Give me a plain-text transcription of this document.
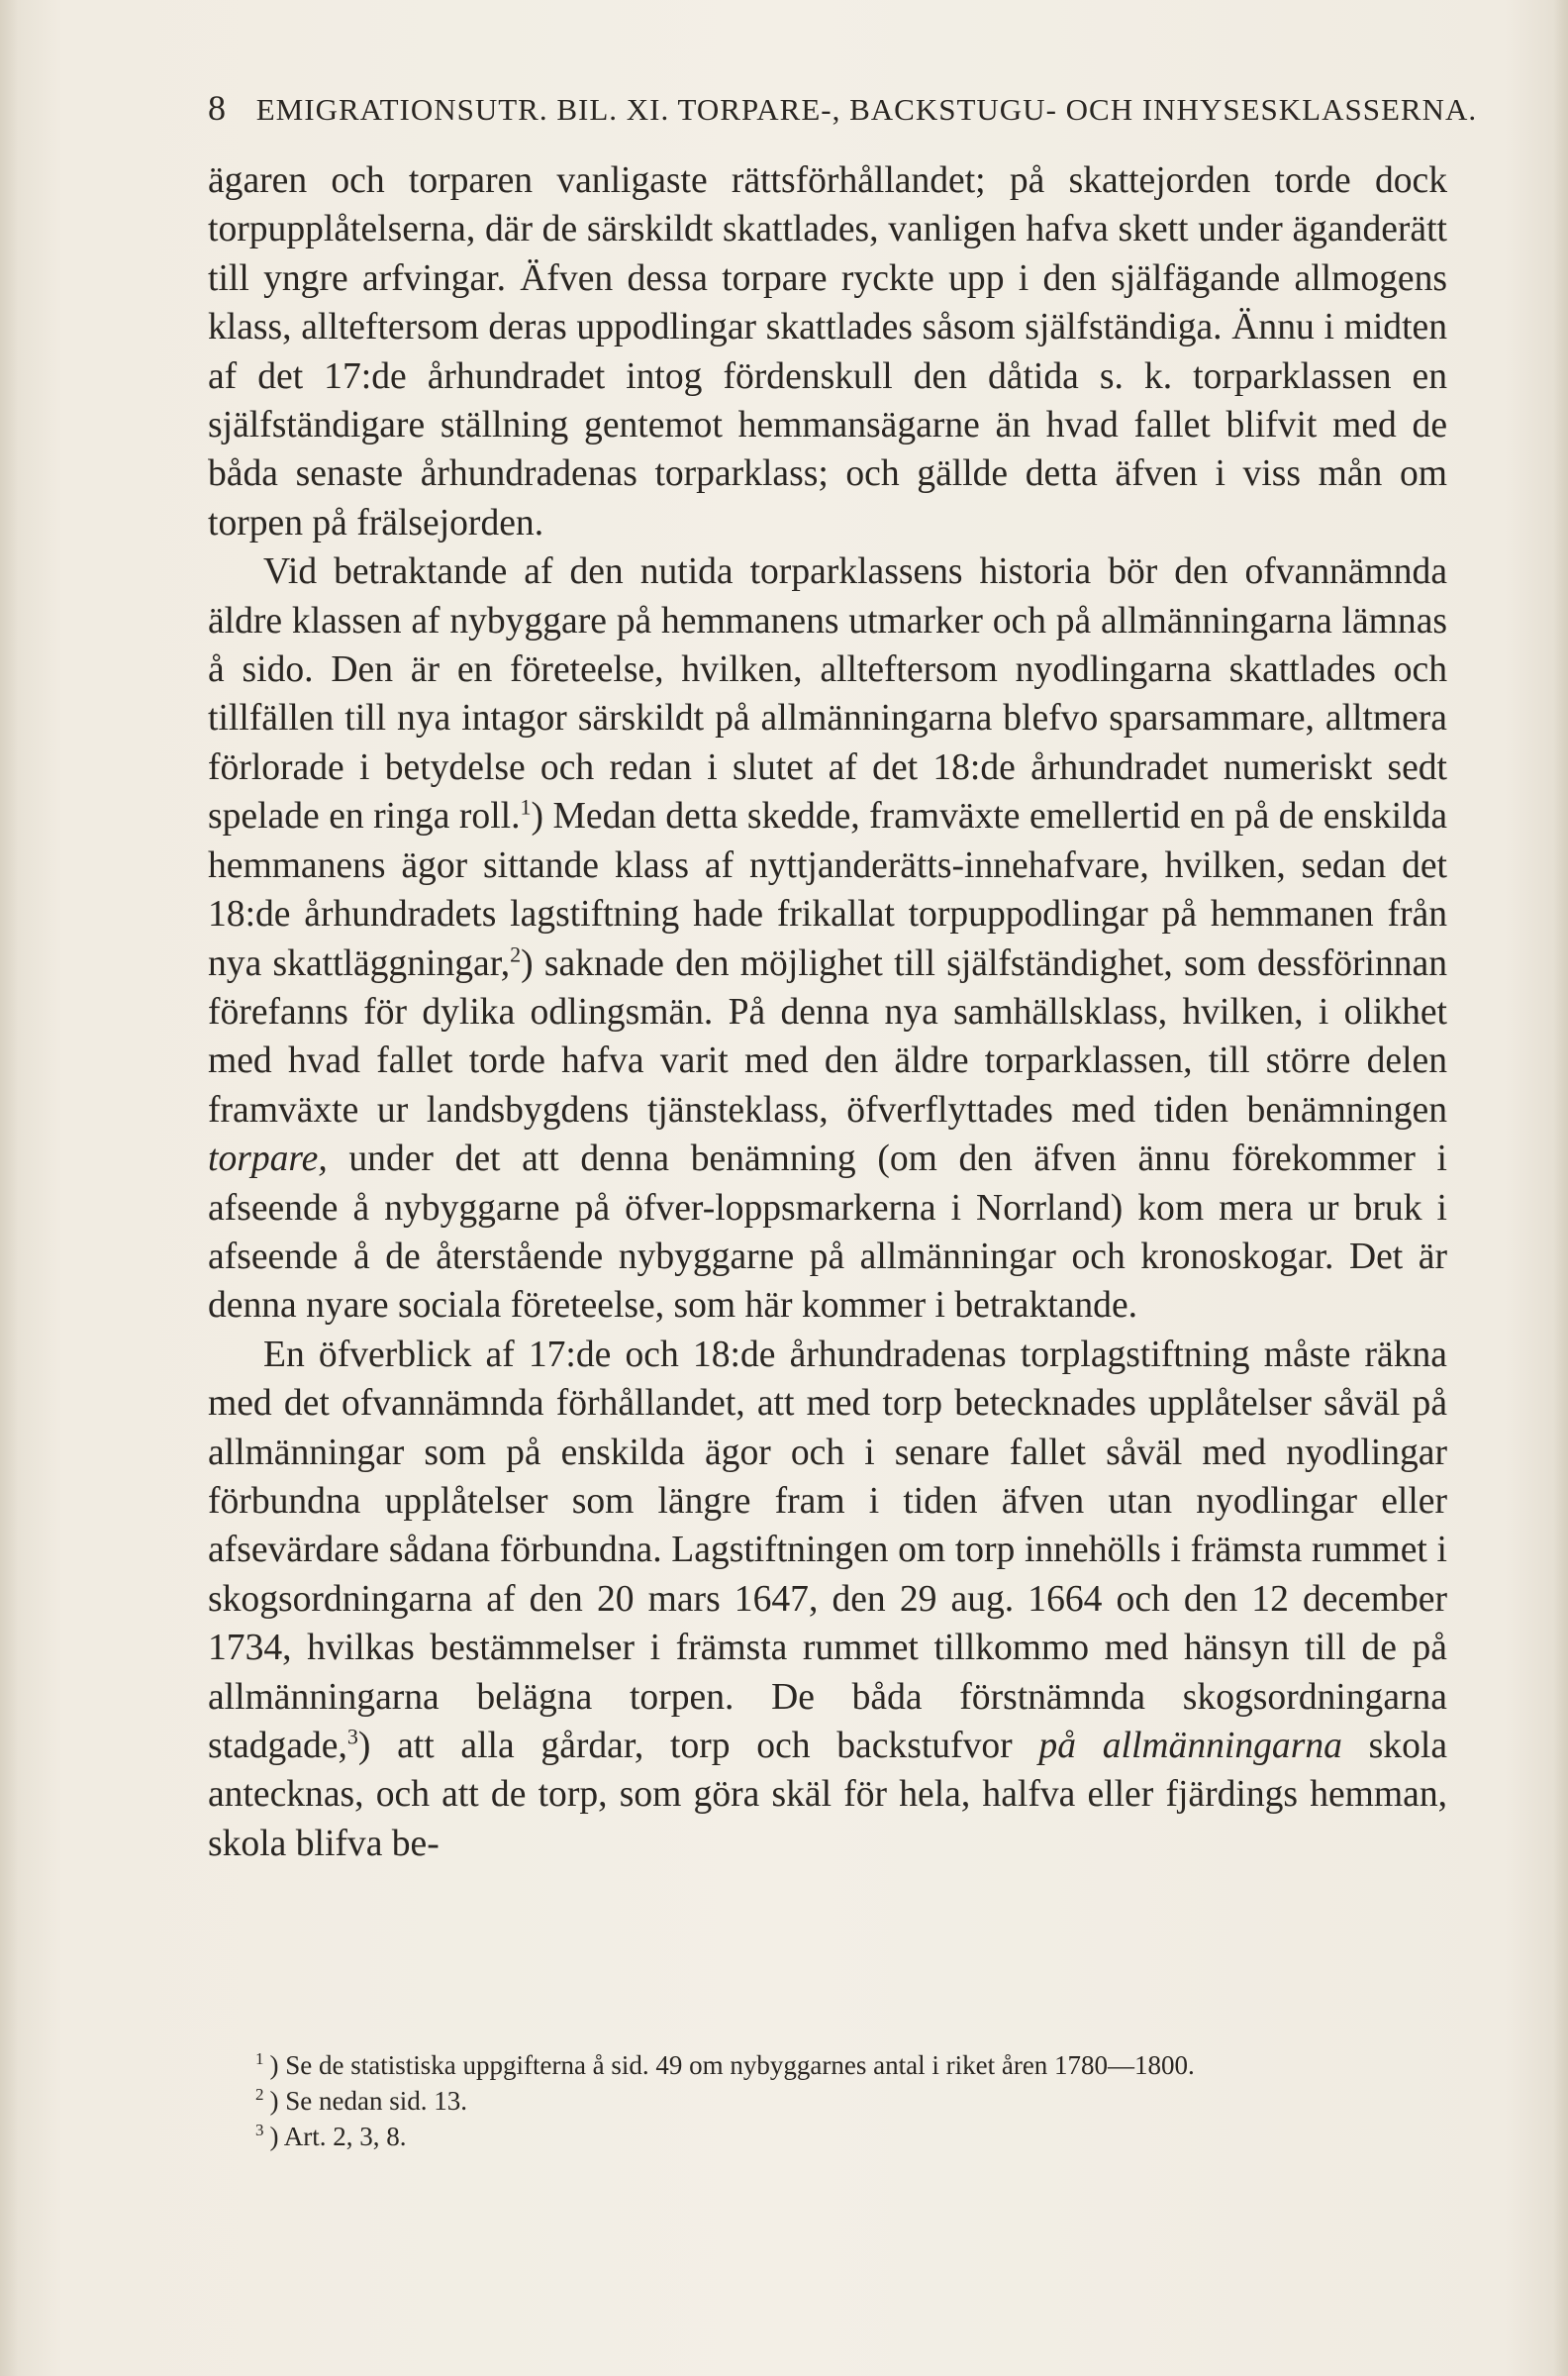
8 EMIGRATIONSUTR. BIL. XI. TORPARE-, BACKSTUGU- OCH INHYSESKLASSERNA.

ägaren och torparen vanligaste rättsförhållandet; på skattejorden torde dock torpupplåtelserna, där de särskildt skattlades, vanligen hafva skett under äganderätt till yngre arfvingar. Äfven dessa torpare ryckte upp i den själfägande allmogens klass, allteftersom deras uppodlingar skattlades såsom själfständiga. Ännu i midten af det 17:de århundradet intog fördenskull den dåtida s. k. torparklassen en själfständigare ställning gentemot hemmansägarne än hvad fallet blifvit med de båda senaste århundradenas torparklass; och gällde detta äfven i viss mån om torpen på frälsejorden.

Vid betraktande af den nutida torparklassens historia bör den ofvannämnda äldre klassen af nybyggare på hemmanens utmarker och på allmänningarna lämnas å sido. Den är en företeelse, hvilken, allteftersom nyodlingarna skattlades och tillfällen till nya intagor särskildt på allmänningarna blefvo sparsammare, alltmera förlorade i betydelse och redan i slutet af det 18:de århundradet numeriskt sedt spelade en ringa roll.$^1$) Medan detta skedde, framväxte emellertid en på de enskilda hemmanens ägor sittande klass af nyttjanderätts-innehafvare, hvilken, sedan det 18:de århundradets lagstiftning hade frikallat torpuppodlingar på hemmanen från nya skattläggningar,$^2$) saknade den möjlighet till själfständighet, som dessförinnan förefanns för dylika odlingsmän. På denna nya samhällsklass, hvilken, i olikhet med hvad fallet torde hafva varit med den äldre torparklassen, till större delen framväxte ur landsbygdens tjänsteklass, öfverflyttades med tiden benämningen torpare, under det att denna benämning (om den äfven ännu förekommer i afseende å nybyggarne på öfver-loppsmarkerna i Norrland) kom mera ur bruk i afseende å de återstående nybyggarne på allmänningar och kronoskogar. Det är denna nyare sociala företeelse, som här kommer i betraktande.

En öfverblick af 17:de och 18:de århundradenas torplagstiftning måste räkna med det ofvannämnda förhållandet, att med torp betecknades upplåtelser såväl på allmänningar som på enskilda ägor och i senare fallet såväl med nyodlingar förbundna upplåtelser som längre fram i tiden äfven utan nyodlingar eller afsevärdare sådana förbundna. Lagstiftningen om torp innehölls i främsta rummet i skogsordningarna af den 20 mars 1647, den 29 aug. 1664 och den 12 december 1734, hvilkas bestämmelser i främsta rummet tillkommo med hänsyn till de på allmänningarna belägna torpen. De båda förstnämnda skogsordningarna stadgade,$^3$) att alla gårdar, torp och backstufvor på allmänningarna skola antecknas, och att de torp, som göra skäl för hela, halfva eller fjärdings hemman, skola blifva be-

$^1$ ) Se de statistiska uppgifterna å sid. 49 om nybyggarnes antal i riket åren 1780—1800.

$^2$ ) Se nedan sid. 13.

$^3$ ) Art. 2, 3, 8.
